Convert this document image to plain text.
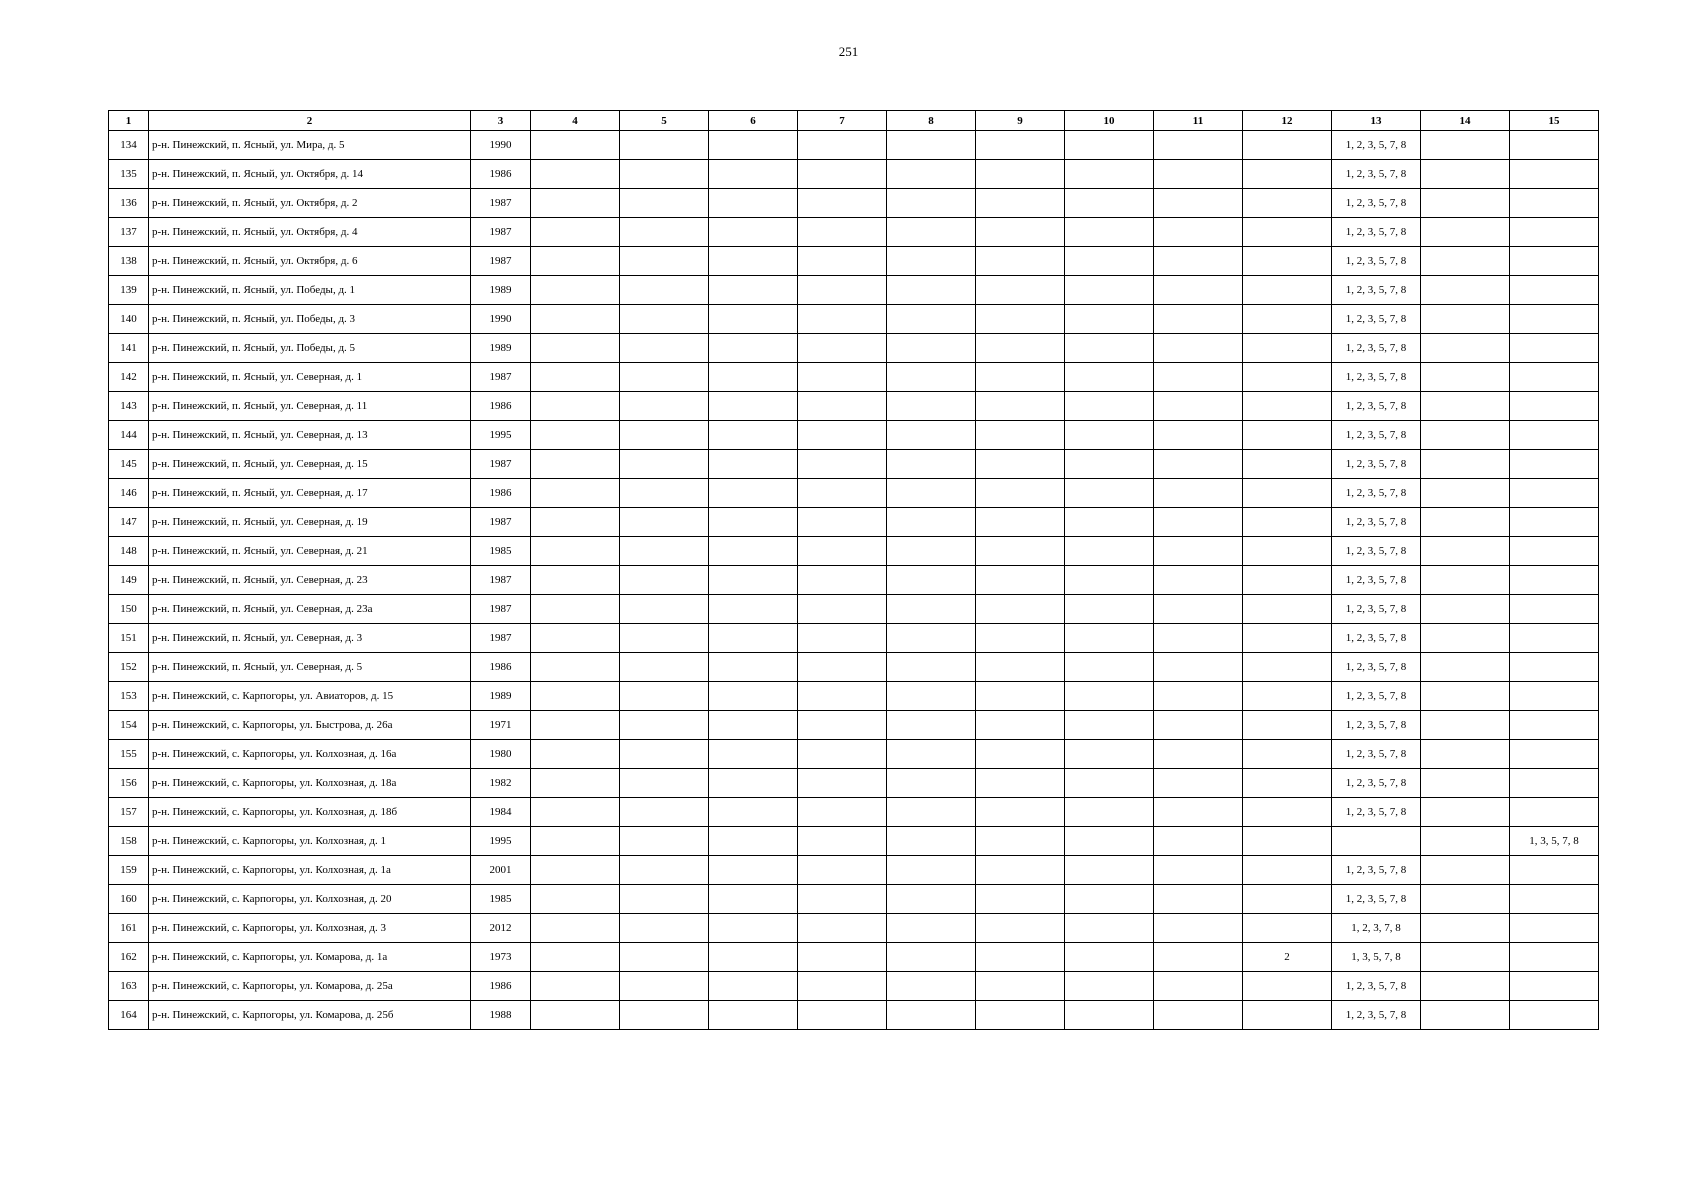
251
1	2	3	4	5	6	7	8	9	10	11	12	13	14	15
134	р-н. Пинежский, п. Ясный, ул. Мира, д. 5	1990										1, 2, 3, 5, 7, 8		
135	р-н. Пинежский, п. Ясный, ул. Октября, д. 14	1986										1, 2, 3, 5, 7, 8		
136	р-н. Пинежский, п. Ясный, ул. Октября, д. 2	1987										1, 2, 3, 5, 7, 8		
137	р-н. Пинежский, п. Ясный, ул. Октября, д. 4	1987										1, 2, 3, 5, 7, 8		
138	р-н. Пинежский, п. Ясный, ул. Октября, д. 6	1987										1, 2, 3, 5, 7, 8		
139	р-н. Пинежский, п. Ясный, ул. Победы, д. 1	1989										1, 2, 3, 5, 7, 8		
140	р-н. Пинежский, п. Ясный, ул. Победы, д. 3	1990										1, 2, 3, 5, 7, 8		
141	р-н. Пинежский, п. Ясный, ул. Победы, д. 5	1989										1, 2, 3, 5, 7, 8		
142	р-н. Пинежский, п. Ясный, ул. Северная, д. 1	1987										1, 2, 3, 5, 7, 8		
143	р-н. Пинежский, п. Ясный, ул. Северная, д. 11	1986										1, 2, 3, 5, 7, 8		
144	р-н. Пинежский, п. Ясный, ул. Северная, д. 13	1995										1, 2, 3, 5, 7, 8		
145	р-н. Пинежский, п. Ясный, ул. Северная, д. 15	1987										1, 2, 3, 5, 7, 8		
146	р-н. Пинежский, п. Ясный, ул. Северная, д. 17	1986										1, 2, 3, 5, 7, 8		
147	р-н. Пинежский, п. Ясный, ул. Северная, д. 19	1987										1, 2, 3, 5, 7, 8		
148	р-н. Пинежский, п. Ясный, ул. Северная, д. 21	1985										1, 2, 3, 5, 7, 8		
149	р-н. Пинежский, п. Ясный, ул. Северная, д. 23	1987										1, 2, 3, 5, 7, 8		
150	р-н. Пинежский, п. Ясный, ул. Северная, д. 23а	1987										1, 2, 3, 5, 7, 8		
151	р-н. Пинежский, п. Ясный, ул. Северная, д. 3	1987										1, 2, 3, 5, 7, 8		
152	р-н. Пинежский, п. Ясный, ул. Северная, д. 5	1986										1, 2, 3, 5, 7, 8		
153	р-н. Пинежский, с. Карпогоры, ул. Авиаторов, д. 15	1989										1, 2, 3, 5, 7, 8		
154	р-н. Пинежский, с. Карпогоры, ул. Быстрова, д. 26а	1971										1, 2, 3, 5, 7, 8		
155	р-н. Пинежский, с. Карпогоры, ул. Колхозная, д. 16а	1980										1, 2, 3, 5, 7, 8		
156	р-н. Пинежский, с. Карпогоры, ул. Колхозная, д. 18а	1982										1, 2, 3, 5, 7, 8		
157	р-н. Пинежский, с. Карпогоры, ул. Колхозная, д. 18б	1984										1, 2, 3, 5, 7, 8		
158	р-н. Пинежский, с. Карпогоры, ул. Колхозная, д. 1	1995												1, 3, 5, 7, 8
159	р-н. Пинежский, с. Карпогоры, ул. Колхозная, д. 1а	2001										1, 2, 3, 5, 7, 8		
160	р-н. Пинежский, с. Карпогоры, ул. Колхозная, д. 20	1985										1, 2, 3, 5, 7, 8		
161	р-н. Пинежский, с. Карпогоры, ул. Колхозная, д. 3	2012										1, 2, 3, 7, 8		
162	р-н. Пинежский, с. Карпогоры, ул. Комарова, д. 1а	1973									2	1, 3, 5, 7, 8		
163	р-н. Пинежский, с. Карпогоры, ул. Комарова, д. 25а	1986										1, 2, 3, 5, 7, 8		
164	р-н. Пинежский, с. Карпогоры, ул. Комарова, д. 25б	1988										1, 2, 3, 5, 7, 8		
